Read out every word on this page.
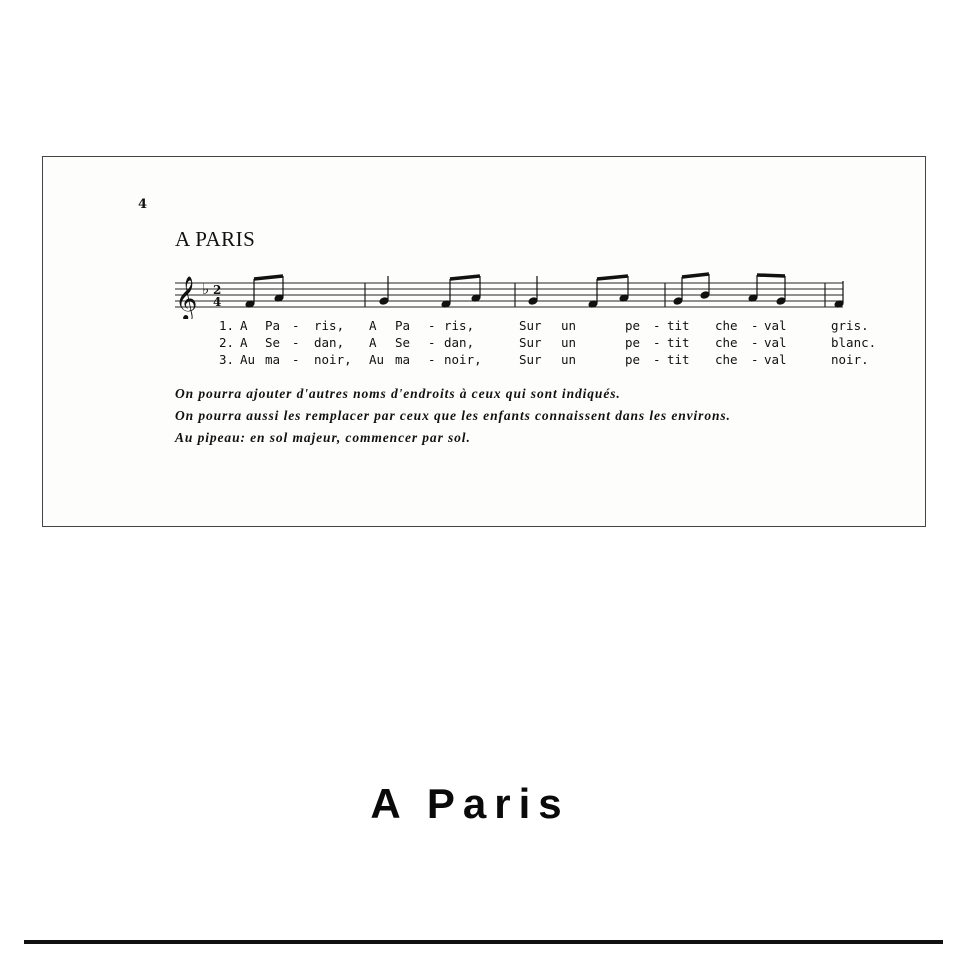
4
A PARIS
𝄞 ♭ 2
4
1. A Pa - ris, A Pa - ris,	Sur un	pe - tit che - val	gris.
2. A Se - dan, A Se - dan,	Sur un	pe - tit che - val	blanc.
3. Au ma - noir, Au ma - noir,	Sur un	pe - tit che - val	noir.

On pourra ajouter d'autres noms d'endroits à ceux qui sont indiqués.

On pourra aussi les remplacer par ceux que les enfants connaissent dans les environs.

Au pipeau: en sol majeur, commencer par sol.

A Paris
